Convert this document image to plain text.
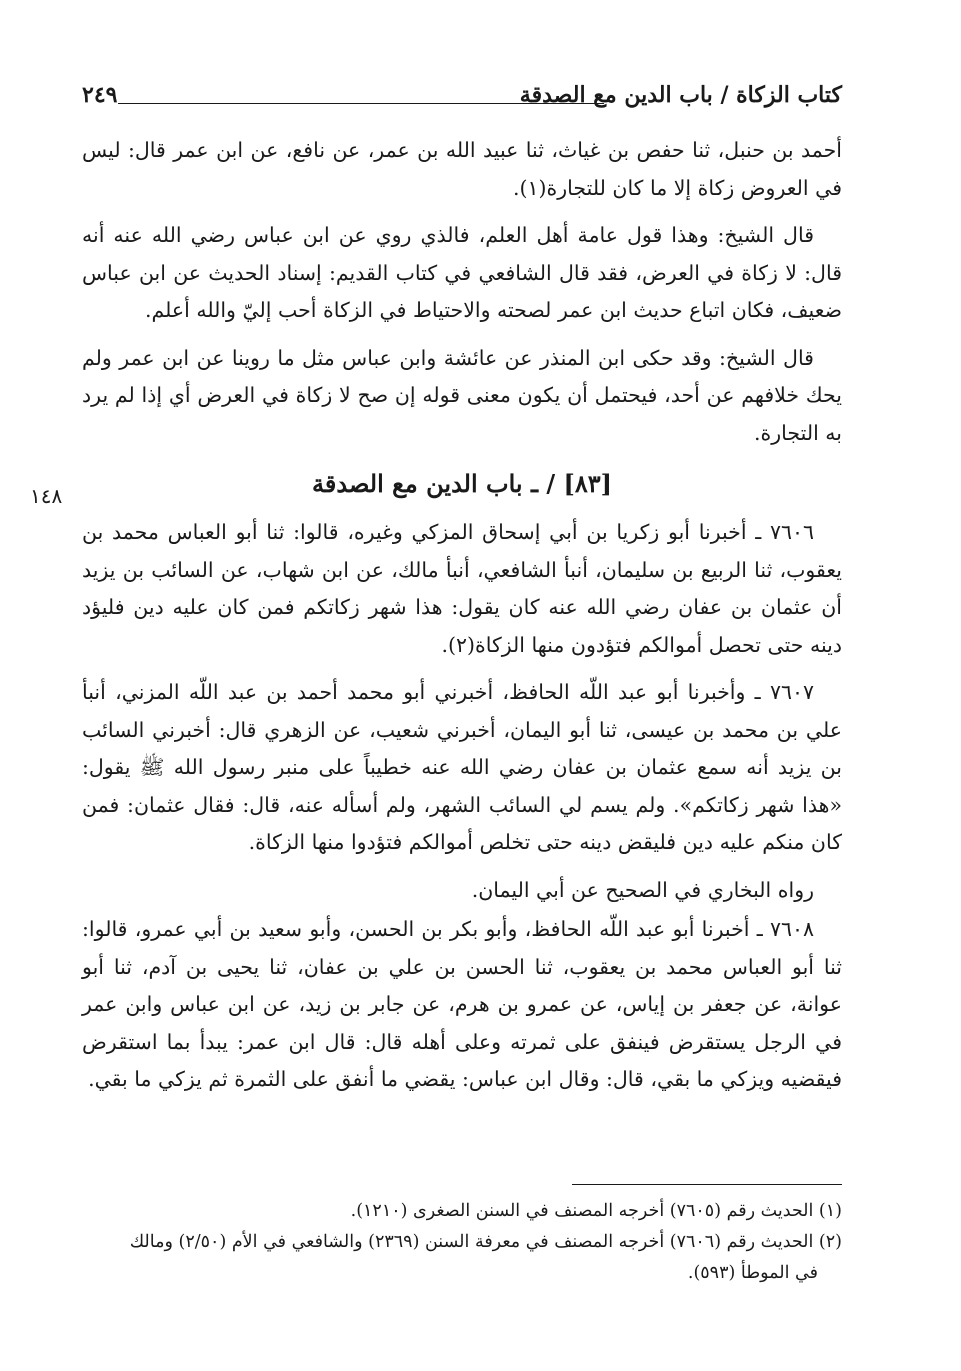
كتاب الزكاة / باب الدين مع الصدقة
٢٤٩
١٤٨

أحمد بن حنبل، ثنا حفص بن غياث، ثنا عبيد الله بن عمر، عن نافع، عن ابن عمر قال: ليس في العروض زكاة إلا ما كان للتجارة(١).

قال الشيخ: وهذا قول عامة أهل العلم، فالذي روي عن ابن عباس رضي الله عنه أنه قال: لا زكاة في العرض، فقد قال الشافعي في كتاب القديم: إسناد الحديث عن ابن عباس ضعيف، فكان اتباع حديث ابن عمر لصحته والاحتياط في الزكاة أحب إليّ والله أعلم.

قال الشيخ: وقد حكى ابن المنذر عن عائشة وابن عباس مثل ما روينا عن ابن عمر ولم يحك خلافهم عن أحد، فيحتمل أن يكون معنى قوله إن صح لا زكاة في العرض أي إذا لم يرد به التجارة.

[٨٣] / ـ باب الدين مع الصدقة

٧٦٠٦ ـ أخبرنا أبو زكريا بن أبي إسحاق المزكي وغيره، قالوا: ثنا أبو العباس محمد بن يعقوب، ثنا الربيع بن سليمان، أنبأ الشافعي، أنبأ مالك، عن ابن شهاب، عن السائب بن يزيد أن عثمان بن عفان رضي الله عنه كان يقول: هذا شهر زكاتكم فمن كان عليه دين فليؤد دينه حتى تحصل أموالكم فتؤدون منها الزكاة(٢).

٧٦٠٧ ـ وأخبرنا أبو عبد اللّه الحافظ، أخبرني أبو محمد أحمد بن عبد اللّه المزني، أنبأ علي بن محمد بن عيسى، ثنا أبو اليمان، أخبرني شعيب، عن الزهري قال: أخبرني السائب بن يزيد أنه سمع عثمان بن عفان رضي الله عنه خطيباً على منبر رسول الله ﷺ يقول: «هذا شهر زكاتكم». ولم يسم لي السائب الشهر، ولم أسأله عنه، قال: فقال عثمان: فمن كان منكم عليه دين فليقض دينه حتى تخلص أموالكم فتؤدوا منها الزكاة.

رواه البخاري في الصحيح عن أبي اليمان.

٧٦٠٨ ـ أخبرنا أبو عبد اللّه الحافظ، وأبو بكر بن الحسن، وأبو سعيد بن أبي عمرو، قالوا: ثنا أبو العباس محمد بن يعقوب، ثنا الحسن بن علي بن عفان، ثنا يحيى بن آدم، ثنا أبو عوانة، عن جعفر بن إياس، عن عمرو بن هرم، عن جابر بن زيد، عن ابن عباس وابن عمر في الرجل يستقرض فينفق على ثمرته وعلى أهله قال: قال ابن عمر: يبدأ بما استقرض فيقضيه ويزكي ما بقي، قال: وقال ابن عباس: يقضي ما أنفق على الثمرة ثم يزكي ما بقي.

(١) الحديث رقم (٧٦٠٥) أخرجه المصنف في السنن الصغرى (١٢١٠).

(٢) الحديث رقم (٧٦٠٦) أخرجه المصنف في معرفة السنن (٢٣٦٩) والشافعي في الأم (٢/٥٠) ومالك

في الموطأ (٥٩٣).
